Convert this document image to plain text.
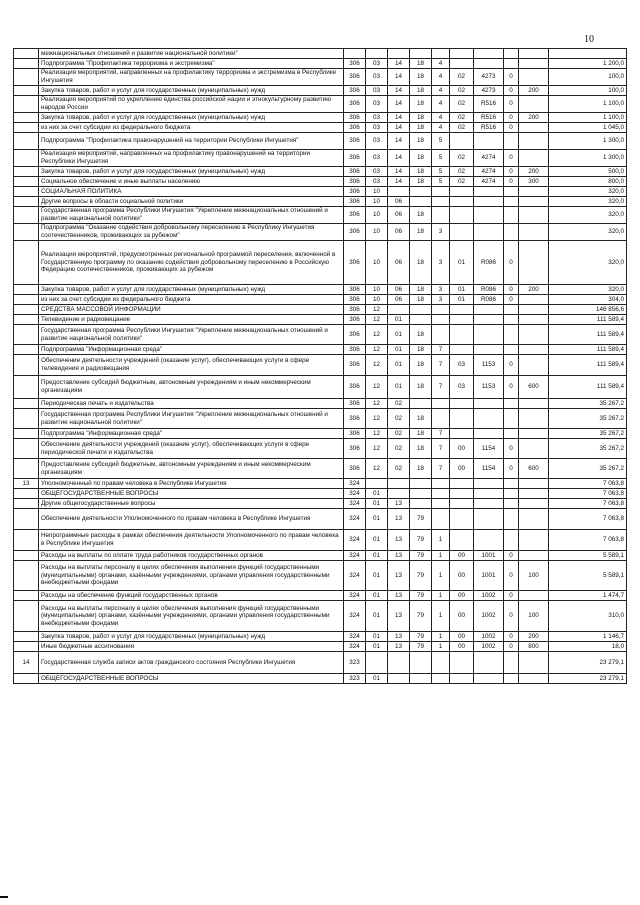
10
	межнациональных отношений и развитие национальной политики"										
	Подпрограмма "Профилактика терроризма и экстремизма"	306	03	14	18	4					1 200,0
	Реализация мероприятий, направленных на профилактику терроризма и экстремизма в Республике Ингушетия	306	03	14	18	4	02	4273	0		100,0
	Закупка товаров, работ и услуг для государственных (муниципальных) нужд	306	03	14	18	4	02	4273	0	200	100,0
	Реализация мероприятий по укреплению единства российской нации и этнокультурному развитию народов России	306	03	14	18	4	02	R516	0		1 100,0
	Закупка товаров, работ и услуг для государственных (муниципальных) нужд	306	03	14	18	4	02	R516	0	200	1 100,0
	из них за счет субсидии из федерального бюджета	306	03	14	18	4	02	R516	0		1 045,0
	Подпрограмма "Профилактика правонарушений на территории Республики Ингушетия"	306	03	14	18	5					1 300,0
	Реализация мероприятий, направленных на профилактику правонарушений на территории Республики Ингушетия	306	03	14	18	5	02	4274	0		1 300,0
	Закупка товаров, работ и услуг для государственных (муниципальных) нужд	306	03	14	18	5	02	4274	0	200	500,0
	Социальное обеспечение и иные выплаты населению	306	03	14	18	5	02	4274	0	300	800,0
	СОЦИАЛЬНАЯ ПОЛИТИКА	306	10								320,0
	Другие вопросы в области социальной политики	306	10	06							320,0
	Государственная программа Республики Ингушетия "Укрепление межнациональных отношений и развитие национальной политики"	306	10	06	18						320,0
	Подпрограмма "Оказание содействия добровольному переселению в Республику Ингушетия соотечественников, проживающих за рубежом"	306	10	06	18	3					320,0
	Реализация мероприятий, предусмотренных региональной программой переселения, включенной в Государственную программу по оказанию содействия добровольному переселению в Российскую Федерацию соотечественников, проживающих за рубежом	306	10	06	18	3	01	R086	0		320,0
	Закупка товаров, работ и услуг для государственных (муниципальных) нужд	306	10	06	18	3	01	R086	0	200	320,0
	из них за счет субсидии из федерального бюджета	306	10	06	18	3	01	R086	0		304,0
	СРЕДСТВА МАССОВОЙ ИНФОРМАЦИИ	306	12								146 856,6
	Телевидение и радиовещание	306	12	01							111 589,4
	Государственная программа Республики Ингушетия "Укрепление межнациональных отношений и развитие национальной политики"	306	12	01	18						111 589,4
	Подпрограмма "Информационная среда"	306	12	01	18	7					111 589,4
	Обеспечение деятельности учреждений (оказание услуг), обеспечивающих услуги в сфере телевидения и радиовещания	306	12	01	18	7	03	1153	0		111 589,4
	Предоставление субсидий бюджетным, автономным учреждениям и иным некоммерческим организациям	306	12	01	18	7	03	1153	0	600	111 589,4
	Периодическая печать и издательства	306	12	02							35 267,2
	Государственная программа Республики Ингушетия "Укрепление межнациональных отношений и развитие национальной политики"	306	12	02	18						35 267,2
	Подпрограмма "Информационная среда"	306	12	02	18	7					35 267,2
	Обеспечение деятельности учреждений (оказание услуг), обеспечивающих услуги в сфере периодической печати и издательства	306	12	02	18	7	00	1154	0		35 267,2
	Предоставление субсидий бюджетным, автономным учреждениям и иным некоммерческим организациям	306	12	02	18	7	00	1154	0	600	35 267,2
13	Уполномоченный по правам человека в Республике Ингушетия	324									7 063,8
	ОБЩЕГОСУДАРСТВЕННЫЕ ВОПРОСЫ	324	01								7 063,8
	Другие общегосударственные вопросы	324	01	13							7 063,8
	Обеспечение деятельности Уполномоченного по правам человека в Республике Ингушетия	324	01	13	79						7 063,8
	Непрограммные расходы в рамках обеспечения деятельности Уполномоченного по правам человека в Республике Ингушетия	324	01	13	79	1					7 063,8
	Расходы на выплаты по оплате труда работников государственных органов	324	01	13	79	1	00	1001	0		5 589,1
	Расходы на выплаты персоналу в целях обеспечения выполнения функций государственными (муниципальными) органами, казёнными учреждениями, органами управления государственными внебюджетными фондами	324	01	13	79	1	00	1001	0	100	5 589,1
	Расходы на обеспечение функций государственных органов	324	01	13	79	1	00	1002	0		1 474,7
	Расходы на выплаты персоналу в целях обеспечения выполнения функций государственными (муниципальными) органами, казёнными учреждениями, органами управления государственными внебюджетными фондами	324	01	13	79	1	00	1002	0	100	310,0
	Закупка товаров, работ и услуг для государственных (муниципальных) нужд	324	01	13	79	1	00	1002	0	200	1 146,7
	Иные бюджетные ассигнования	324	01	13	79	1	00	1002	0	800	18,0
14	Государственная служба записи актов гражданского состояния Республики Ингушетия	323									23 279,1
	ОБЩЕГОСУДАРСТВЕННЫЕ ВОПРОСЫ	323	01								23 279,1
